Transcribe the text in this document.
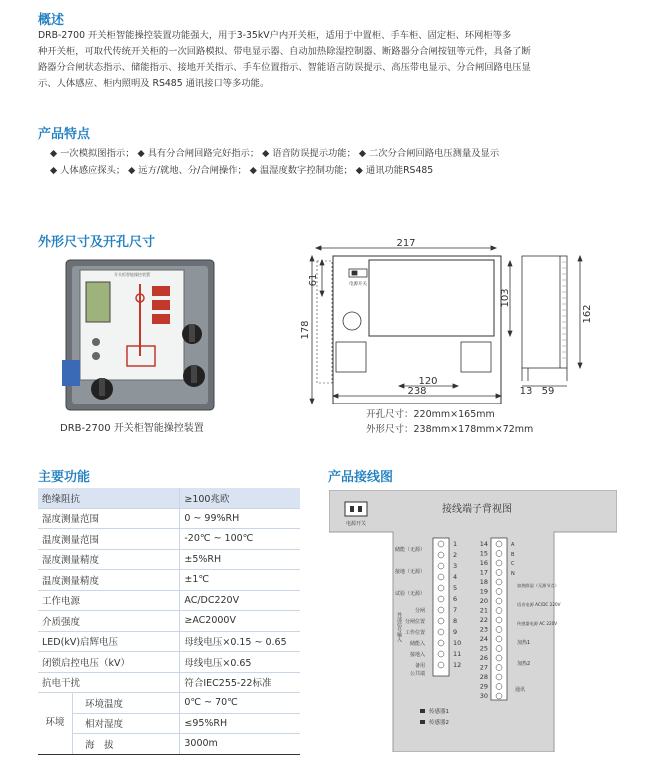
概述
DRB-2700 开关柜智能操控装置功能强大，用于3-35kV户内开关柜，适用于中置柜、手车柜、固定柜、环网柜等多
种开关柜，可取代传统开关柜的一次回路模拟、带电显示器、自动加热除湿控制器、断路器分合闸按钮等元件，具备了断
路器分合闸状态指示、储能指示、接地开关指示、手车位置指示、智能语言防误提示、高压带电显示、分合闸回路电压显
示、人体感应、柜内照明及 RS485 通讯接口等多功能。
产品特点
◆ 一次模拟图指示； ◆ 具有分合闸回路完好指示； ◆ 语音防误提示功能； ◆ 二次分合闸回路电压测量及显示
◆ 人体感应探头； ◆ 远方/就地、分/合闸操作； ◆ 温湿度数字控制功能； ◆ 通讯功能RS485
外形尺寸及开孔尺寸
开关柜智能操控装置
DRB-2700 开关柜智能操控装置
217
61
178
103
120
238
162
13 59
电源开关
开孔尺寸：220mm×165mm
外形尺寸：238mm×178mm×72mm
主要功能
绝缘阻抗		≥100兆欧
湿度测量范围		0 ~ 99%RH
温度测量范围		-20℃ ~ 100℃
湿度测量精度		±5%RH
温度测量精度		±1℃
工作电源		AC/DC220V
介质强度		≥AC2000V
LED(kV)启辉电压		母线电压×0.15 ~ 0.65
闭锁启控电压（kV）		母线电压×0.65
抗电干扰		符合IEC255-22标准
环境	环境温度	0℃ ~ 70℃
	相对湿度	≤95%RH
	海　拔	3000m
产品接线图
电源开关
接线端子背视图
1
2
3
4
5
6
7
8
9
10
11
12
储能（无源）
接地（无源）
试验（无源）
分闸
分闸位置
工作位置
储能入
接地入
备用
公共端
外部信号输入
14
15
16
17
18
19
20
21
22
23
24
25
26
27
28
29
30
A
B
C
N
加热除湿（无源节点）
语音电源 AC/DC 220V
传感器电源 AC 220V
加热1
加热2
通讯
传感器1
传感器2
